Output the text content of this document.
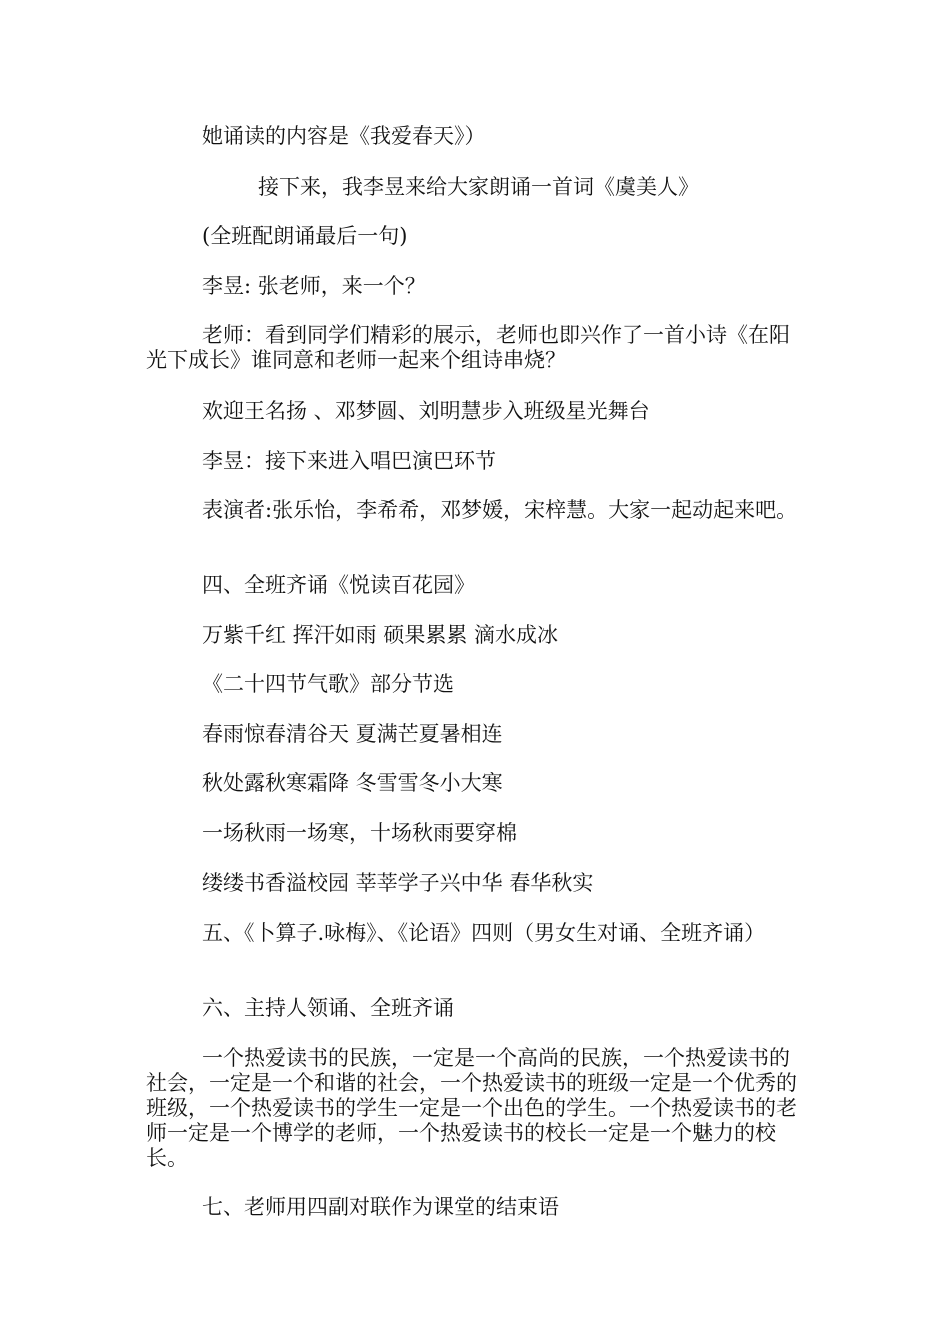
她诵读的内容是《我爱春天》）
接下来，我李昱来给大家朗诵一首词《虞美人》
(全班配朗诵最后一句)
李昱: 张老师，来一个？
老师：看到同学们精彩的展示，老师也即兴作了一首小诗《在阳光下成长》谁同意和老师一起来个组诗串烧？
欢迎王名扬 、邓梦圆、刘明慧步入班级星光舞台
李昱：接下来进入唱巴演巴环节
表演者:张乐怡，李希希，邓梦媛，宋梓慧。大家一起动起来吧。
四、全班齐诵《悦读百花园》
万紫千红 挥汗如雨 硕果累累 滴水成冰
《二十四节气歌》部分节选
春雨惊春清谷天 夏满芒夏暑相连
秋处露秋寒霜降 冬雪雪冬小大寒
一场秋雨一场寒，十场秋雨要穿棉
缕缕书香溢校园 莘莘学子兴中华 春华秋实
五、《卜算子.咏梅》、《论语》四则（男女生对诵、全班齐诵）
六、主持人领诵、全班齐诵
一个热爱读书的民族，一定是一个高尚的民族，一个热爱读书的社会，一定是一个和谐的社会，一个热爱读书的班级一定是一个优秀的班级，一个热爱读书的学生一定是一个出色的学生。一个热爱读书的老师一定是一个博学的老师，一个热爱读书的校长一定是一个魅力的校长。
七、老师用四副对联作为课堂的结束语
